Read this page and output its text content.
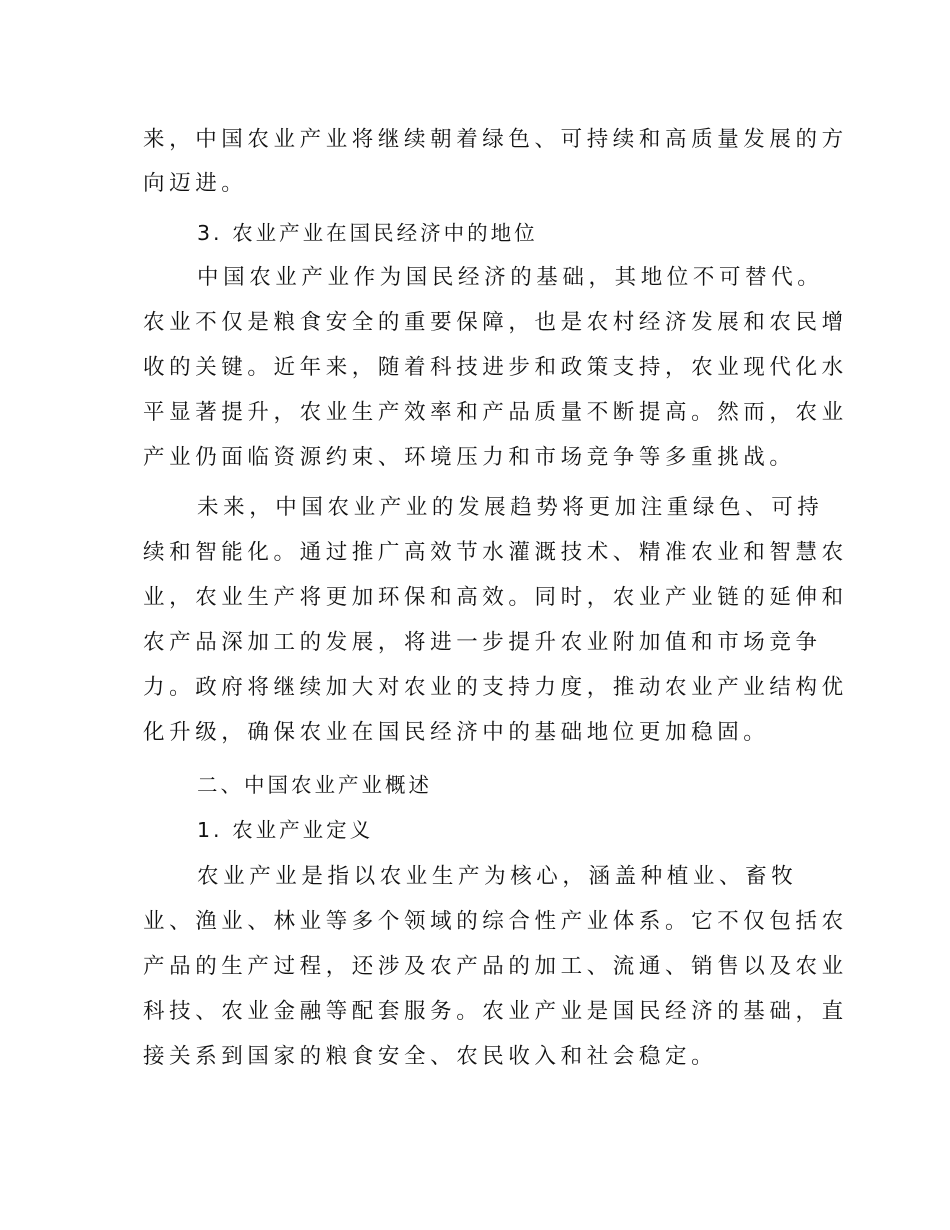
来，中国农业产业将继续朝着绿色、可持续和高质量发展的方
向迈进。
3. 农业产业在国民经济中的地位
中国农业产业作为国民经济的基础，其地位不可替代。
农业不仅是粮食安全的重要保障，也是农村经济发展和农民增
收的关键。近年来，随着科技进步和政策支持，农业现代化水
平显著提升，农业生产效率和产品质量不断提高。然而，农业
产业仍面临资源约束、环境压力和市场竞争等多重挑战。
未来，中国农业产业的发展趋势将更加注重绿色、可持
续和智能化。通过推广高效节水灌溉技术、精准农业和智慧农
业，农业生产将更加环保和高效。同时，农业产业链的延伸和
农产品深加工的发展，将进一步提升农业附加值和市场竞争
力。政府将继续加大对农业的支持力度，推动农业产业结构优
化升级，确保农业在国民经济中的基础地位更加稳固。
二、中国农业产业概述
1. 农业产业定义
农业产业是指以农业生产为核心，涵盖种植业、畜牧
业、渔业、林业等多个领域的综合性产业体系。它不仅包括农
产品的生产过程，还涉及农产品的加工、流通、销售以及农业
科技、农业金融等配套服务。农业产业是国民经济的基础，直
接关系到国家的粮食安全、农民收入和社会稳定。
